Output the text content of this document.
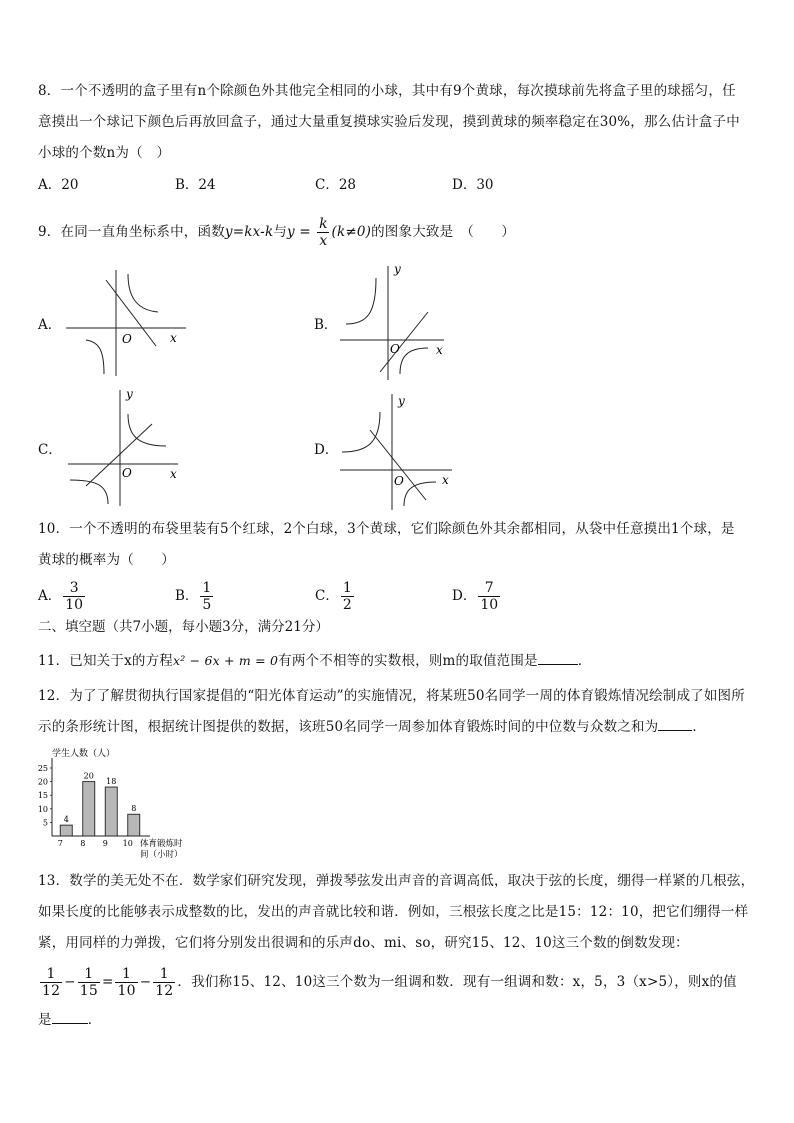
8．一个不透明的盒子里有n个除颜色外其他完全相同的小球，其中有9个黄球，每次摸球前先将盒子里的球摇匀，任
意摸出一个球记下颜色后再放回盒子，通过大量重复摸球实验后发现，摸到黄球的频率稳定在30%，那么估计盒子中
小球的个数n为（　）
A．20	B．24	C．28	D．30
9．在同一直角坐标系中，函数y=kx-k与$y = \frac{k}{x} (k\ne 0)$的图象大致是　（　　）
A．	B．
C．	D．
O	x
y
O	x
y
O	x
y
O	x
10．一个不透明的布袋里装有5个红球，2个白球，3个黄球，它们除颜色外其余都相同，从袋中任意摸出1个球，是
黄球的概率为（　　）
A． $\frac{3}{10}$	B． $\frac{1}{5}$	C． $\frac{1}{2}$	D． $\frac{7}{10}$
二、填空题（共7小题，每小题3分，满分21分）
11．已知关于x的方程x² − 6x + m = 0有两个不相等的实数根，则m的取值范围是	．
12．为了了解贯彻执行国家提倡的“阳光体育运动”的实施情况，将某班50名同学一周的体育锻炼情况绘制成了如图所
示的条形统计图，根据统计图提供的数据，该班50名同学一周参加体育锻炼时间的中位数与众数之和为	．
学生人数（人）
体育锻炼时
间（小时）
5
10
15
20
25
4
7
20
8
18
9
8
10
13．数学的美无处不在．数学家们研究发现，弹拨琴弦发出声音的音调高低，取决于弦的长度，绷得一样紧的几根弦，
如果长度的比能够表示成整数的比，发出的声音就比较和谐．例如，三根弦长度之比是15：12：10，把它们绷得一样
紧，用同样的力弹拨，它们将分别发出很调和的乐声do、mi、so，研究15、12、10这三个数的倒数发现：
$\frac{1}{12} - \frac{1}{15} = \frac{1}{10} - \frac{1}{12}$ ．我们称15、12、10这三个数为一组调和数．现有一组调和数：x，5，3（x>5），则x的值
是	．
